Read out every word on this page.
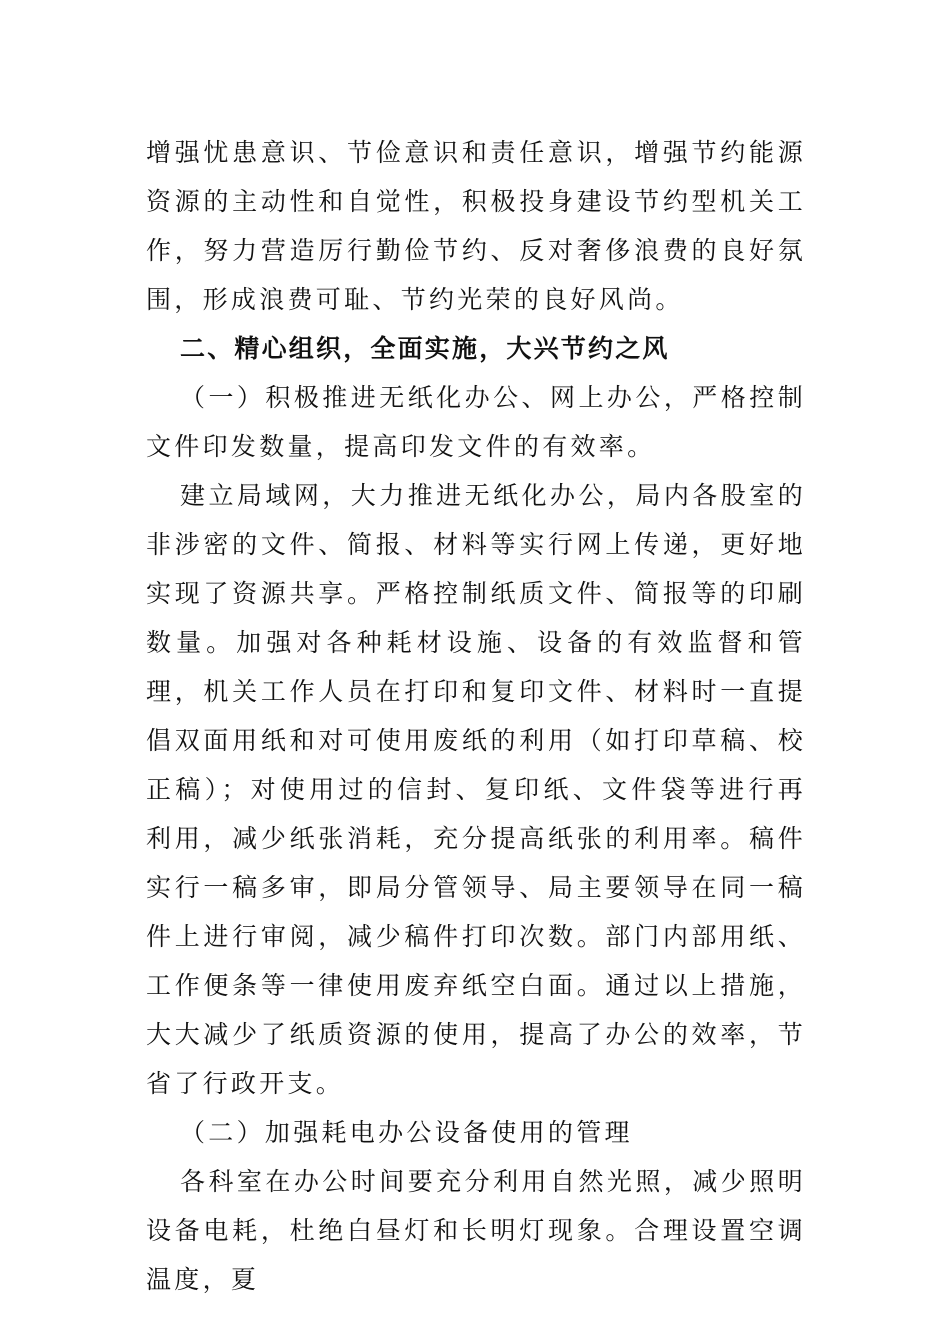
增强忧患意识、节俭意识和责任意识，增强节约能源资源的主动性和自觉性，积极投身建设节约型机关工作，努力营造厉行勤俭节约、反对奢侈浪费的良好氛围，形成浪费可耻、节约光荣的良好风尚。

二、精心组织，全面实施，大兴节约之风

（一）积极推进无纸化办公、网上办公，严格控制文件印发数量，提高印发文件的有效率。

建立局域网，大力推进无纸化办公，局内各股室的非涉密的文件、简报、材料等实行网上传递，更好地实现了资源共享。严格控制纸质文件、简报等的印刷数量。加强对各种耗材设施、设备的有效监督和管理，机关工作人员在打印和复印文件、材料时一直提倡双面用纸和对可使用废纸的利用（如打印草稿、校正稿）；对使用过的信封、复印纸、文件袋等进行再利用，减少纸张消耗，充分提高纸张的利用率。稿件实行一稿多审，即局分管领导、局主要领导在同一稿件上进行审阅，减少稿件打印次数。部门内部用纸、工作便条等一律使用废弃纸空白面。通过以上措施，大大减少了纸质资源的使用，提高了办公的效率，节省了行政开支。

（二）加强耗电办公设备使用的管理

各科室在办公时间要充分利用自然光照，减少照明设备电耗，杜绝白昼灯和长明灯现象。合理设置空调温度，夏
